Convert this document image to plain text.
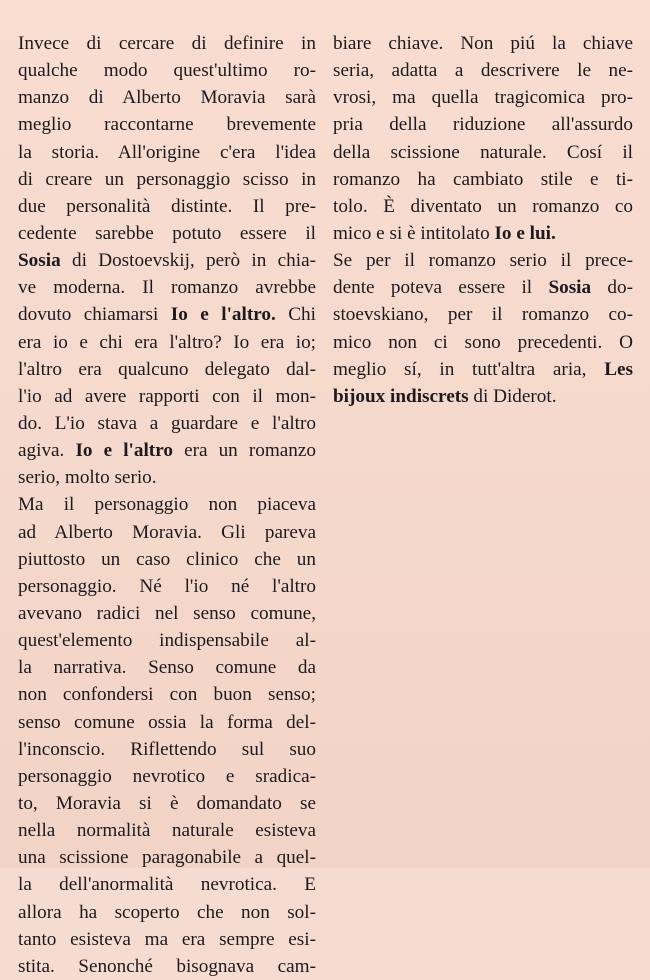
Invece di cercare di definire in
qualche modo quest'ultimo ro-
manzo di Alberto Moravia sarà
meglio raccontarne brevemente
la storia. All'origine c'era l'idea
di creare un personaggio scisso in
due personalità distinte. Il pre-
cedente sarebbe potuto essere il
Sosia di Dostoevskij, però in chia-
ve moderna. Il romanzo avrebbe
dovuto chiamarsi Io e l'altro. Chi
era io e chi era l'altro? Io era io;
l'altro era qualcuno delegato dal-
l'io ad avere rapporti con il mon-
do. L'io stava a guardare e l'altro
agiva. Io e l'altro era un romanzo
serio, molto serio.
Ma il personaggio non piaceva
ad Alberto Moravia. Gli pareva
piuttosto un caso clinico che un
personaggio. Né l'io né l'altro
avevano radici nel senso comune,
quest'elemento indispensabile al-
la narrativa. Senso comune da
non confondersi con buon senso;
senso comune ossia la forma del-
l'inconscio. Riflettendo sul suo
personaggio nevrotico e sradica-
to, Moravia si è domandato se
nella normalità naturale esisteva
una scissione paragonabile a quel-
la dell'anormalità nevrotica. E
allora ha scoperto che non sol-
tanto esisteva ma era sempre esi-
stita. Senonché bisognava cam-
biare chiave. Non piú la chiave
seria, adatta a descrivere le ne-
vrosi, ma quella tragicomica pro-
pria della riduzione all'assurdo
della scissione naturale. Cosí il
romanzo ha cambiato stile e ti-
tolo. È diventato un romanzo co
mico e si è intitolato Io e lui.
Se per il romanzo serio il prece-
dente poteva essere il Sosia do-
stoevskiano, per il romanzo co-
mico non ci sono precedenti. O
meglio sí, in tutt'altra aria, Les
bijoux indiscrets di Diderot.
